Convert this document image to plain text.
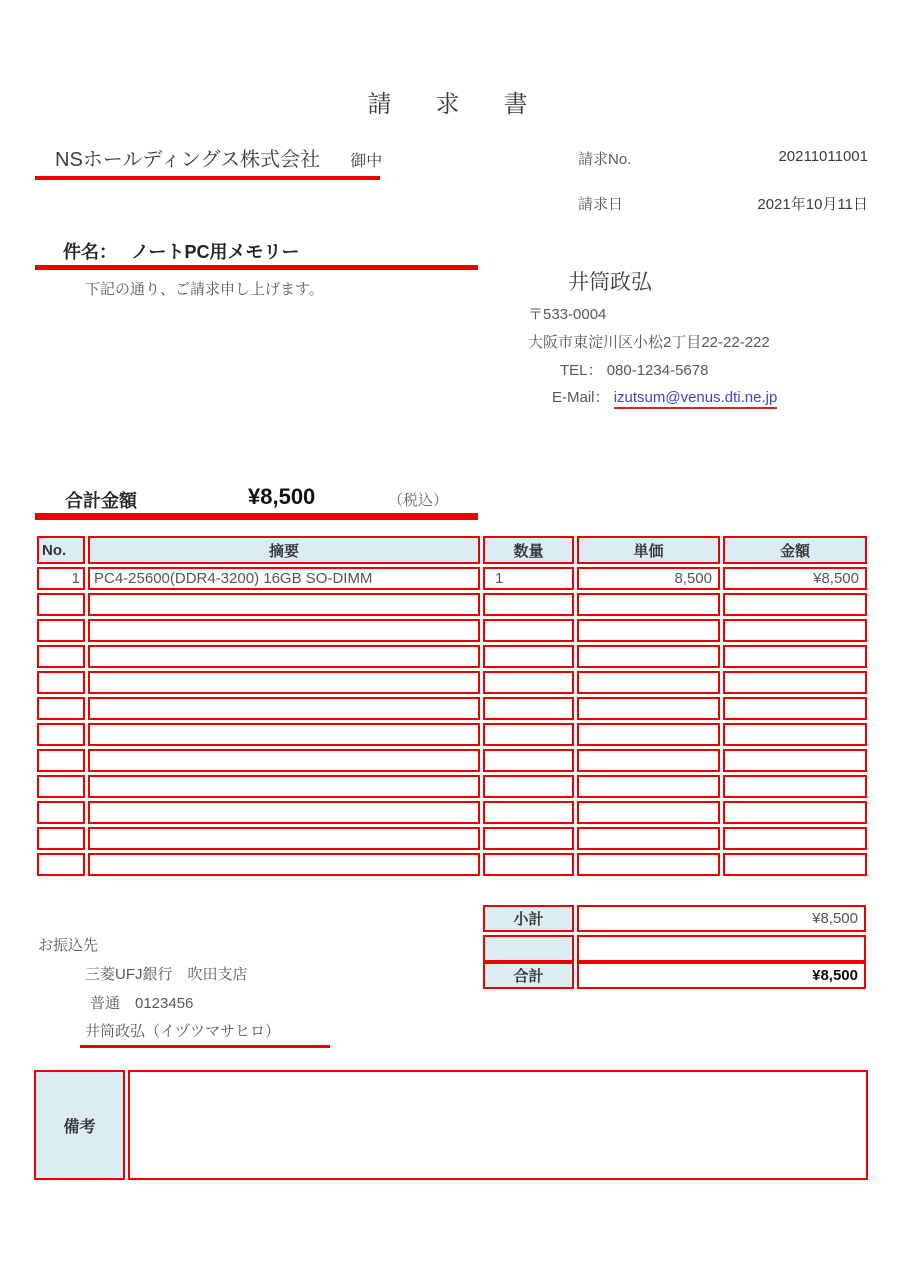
請　求　書
NSホールディングス株式会社 御中	請求No.	20211011001
請求日	2021年10月11日
件名： ノートPC用メモリー
下記の通り、ご請求申し上げます。	井筒政弘
〒533-0004
大阪市東淀川区小松2丁目22-22-222
TEL： 080-1234-5678
E-Mail： izutsum@venus.dti.ne.jp
合計金額	¥8,500	（税込）
No.	摘要	数量	単価	金額
1	PC4-25600(DDR4-3200) 16GB SO-DIMM	1	8,500	¥8,500

小計	¥8,500
合計	¥8,500
お振込先
三菱UFJ銀行　吹田支店
普通　0123456
井筒政弘（イヅツマサヒロ）
備考
